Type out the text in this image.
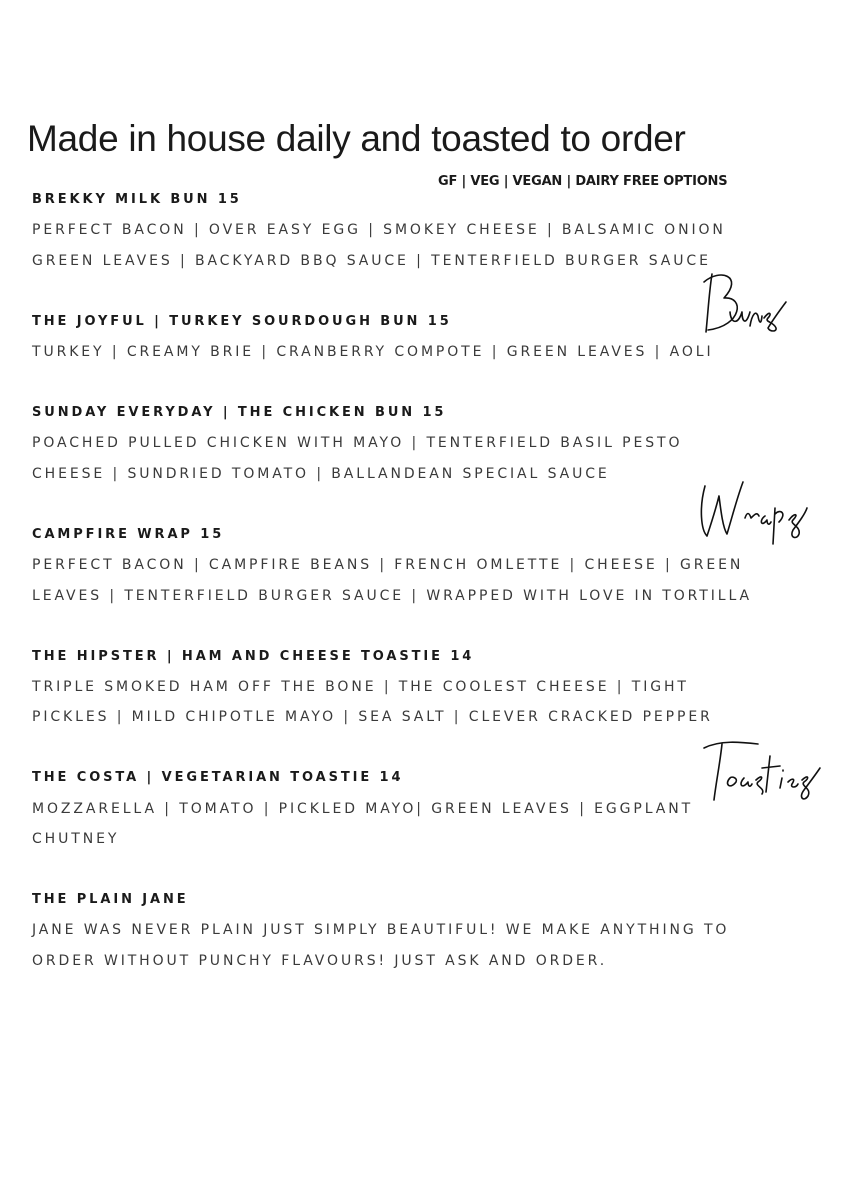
Made in house daily and toasted to order
GF | VEG | VEGAN | DAIRY FREE OPTIONS
BREKKY MILK BUN 15
PERFECT BACON | OVER EASY EGG | SMOKEY CHEESE | BALSAMIC ONION
GREEN LEAVES | BACKYARD BBQ SAUCE | TENTERFIELD BURGER SAUCE
THE JOYFUL | TURKEY SOURDOUGH BUN 15
TURKEY | CREAMY BRIE | CRANBERRY COMPOTE | GREEN LEAVES | AOLI
SUNDAY EVERYDAY | THE CHICKEN BUN 15
POACHED PULLED CHICKEN WITH MAYO | TENTERFIELD BASIL PESTO
CHEESE | SUNDRIED TOMATO | BALLANDEAN SPECIAL SAUCE
CAMPFIRE WRAP 15
PERFECT BACON | CAMPFIRE BEANS | FRENCH OMLETTE | CHEESE | GREEN
LEAVES | TENTERFIELD BURGER SAUCE | WRAPPED WITH LOVE IN TORTILLA
THE HIPSTER | HAM AND CHEESE TOASTIE 14
TRIPLE SMOKED HAM OFF THE BONE | THE COOLEST CHEESE | TIGHT
PICKLES | MILD CHIPOTLE MAYO | SEA SALT | CLEVER CRACKED PEPPER
THE COSTA | VEGETARIAN TOASTIE 14
MOZZARELLA | TOMATO | PICKLED MAYO| GREEN LEAVES | EGGPLANT
CHUTNEY
THE PLAIN JANE
JANE WAS NEVER PLAIN JUST SIMPLY BEAUTIFUL! WE MAKE ANYTHING TO
ORDER WITHOUT PUNCHY FLAVOURS! JUST ASK AND ORDER.
